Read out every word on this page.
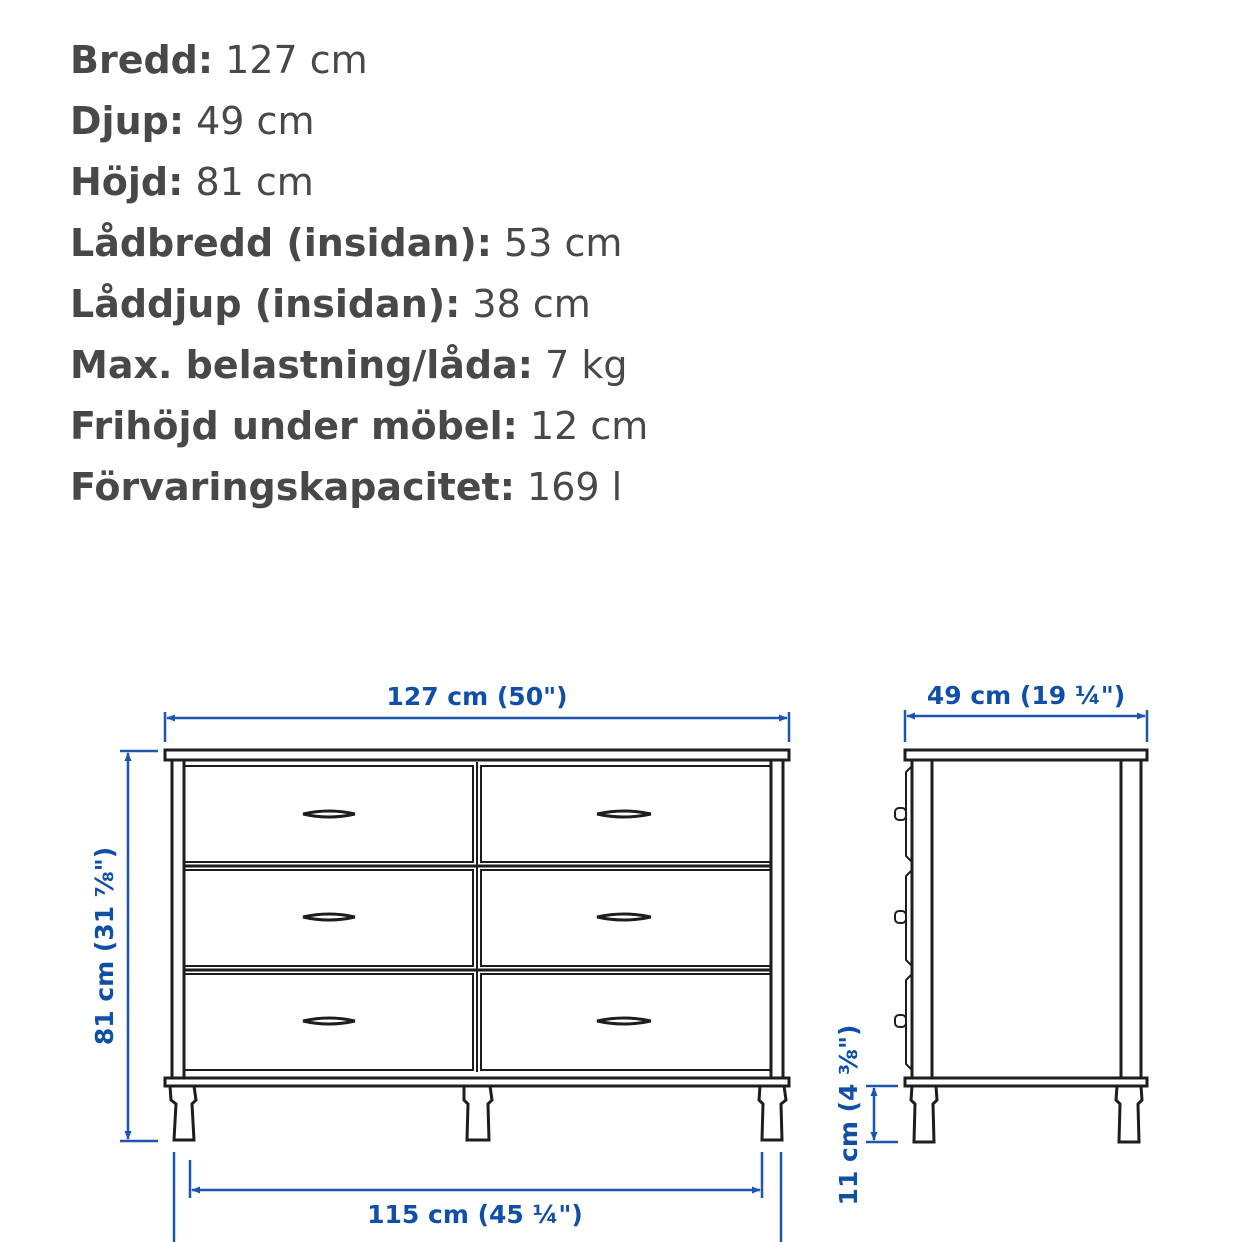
Bredd: 127 cm
Djup: 49 cm
Höjd: 81 cm
Lådbredd (insidan): 53 cm
Låddjup (insidan): 38 cm
Max. belastning/låda: 7 kg
Frihöjd under möbel: 12 cm
Förvaringskapacitet: 169 l
127 cm (50")
81 cm (31 ⅞")
115 cm (45 ¼")
49 cm (19 ¼")
11 cm (4 ⅜")
